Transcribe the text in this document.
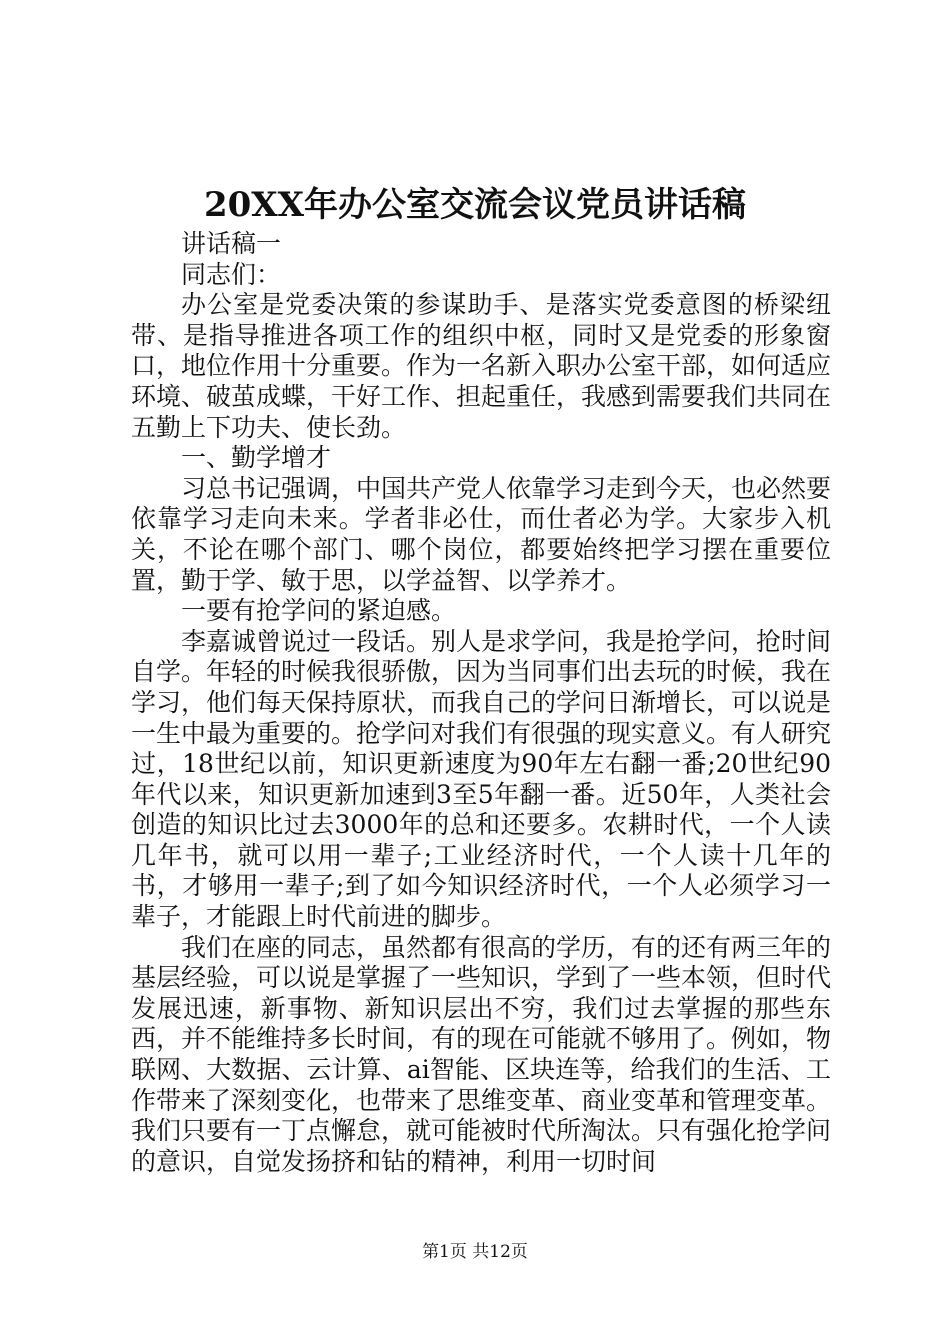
20XX年办公室交流会议党员讲话稿

讲话稿一

同志们：

办公室是党委决策的参谋助手、是落实党委意图的桥梁纽带、是指导推进各项工作的组织中枢，同时又是党委的形象窗口，地位作用十分重要。作为一名新入职办公室干部，如何适应环境、破茧成蝶，干好工作、担起重任，我感到需要我们共同在五勤上下功夫、使长劲。

一、勤学增才

习总书记强调，中国共产党人依靠学习走到今天，也必然要依靠学习走向未来。学者非必仕，而仕者必为学。大家步入机关，不论在哪个部门、哪个岗位，都要始终把学习摆在重要位置，勤于学、敏于思，以学益智、以学养才。

一要有抢学问的紧迫感。

李嘉诚曾说过一段话。别人是求学问，我是抢学问，抢时间自学。年轻的时候我很骄傲，因为当同事们出去玩的时候，我在学习，他们每天保持原状，而我自己的学问日渐增长，可以说是一生中最为重要的。抢学问对我们有很强的现实意义。有人研究过，18世纪以前，知识更新速度为90年左右翻一番;20世纪90年代以来，知识更新加速到3至5年翻一番。近50年，人类社会创造的知识比过去3000年的总和还要多。农耕时代，一个人读几年书，就可以用一辈子;工业经济时代，一个人读十几年的书，才够用一辈子;到了如今知识经济时代，一个人必须学习一辈子，才能跟上时代前进的脚步。

我们在座的同志，虽然都有很高的学历，有的还有两三年的基层经验，可以说是掌握了一些知识，学到了一些本领，但时代发展迅速，新事物、新知识层出不穷，我们过去掌握的那些东西，并不能维持多长时间，有的现在可能就不够用了。例如，物联网、大数据、云计算、ai智能、区块连等，给我们的生活、工作带来了深刻变化，也带来了思维变革、商业变革和管理变革。我们只要有一丁点懈怠，就可能被时代所淘汰。只有强化抢学问的意识，自觉发扬挤和钻的精神，利用一切时间

第1页 共12页
